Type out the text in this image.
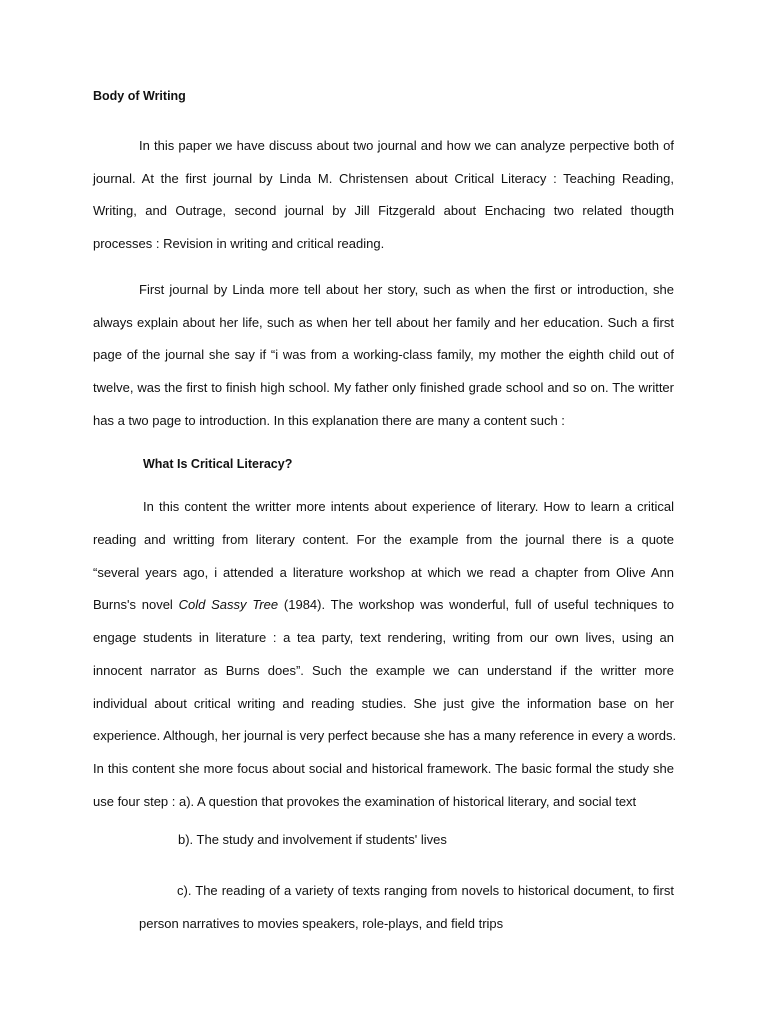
Body of Writing

In this paper we have discuss about two journal and how we can analyze perpective both of
journal. At the first journal by Linda M. Christensen about Critical Literacy : Teaching Reading,
Writing, and Outrage, second journal by Jill Fitzgerald about Enchacing two related thougth
processes : Revision in writing and critical reading.

First journal by Linda more tell about her story, such as when the first or introduction, she
always explain about her life, such as when her tell about her family and her education. Such a first
page of the journal she say if “i was from a working-class family, my mother the eighth child out of
twelve, was the first to finish high school. My father only finished grade school and so on. The writter
has a two page to introduction. In this explanation there are many a content such :

What Is Critical Literacy?

In this content the writter more intents about experience of literary. How to learn a critical
reading and writting from literary content. For the example from the journal there is a quote
“several years ago, i attended a literature workshop at which we read a chapter from Olive Ann
Burns's novel Cold Sassy Tree (1984). The workshop was wonderful, full of useful techniques to
engage students in literature : a tea party, text rendering, writing from our own lives, using an
innocent narrator as Burns does”. Such the example we can understand if the writter more
individual about critical writing and reading studies. She just give the information base on her
experience. Although, her journal is very perfect because she has a many reference in every a words.
In this content she more focus about social and historical framework. The basic formal the study she
use four step : a). A question that provokes the examination of historical literary, and social text

b). The study and involvement if students' lives

c). The reading of a variety of texts ranging from novels to historical document, to first
person narratives to movies speakers, role-plays, and field trips
